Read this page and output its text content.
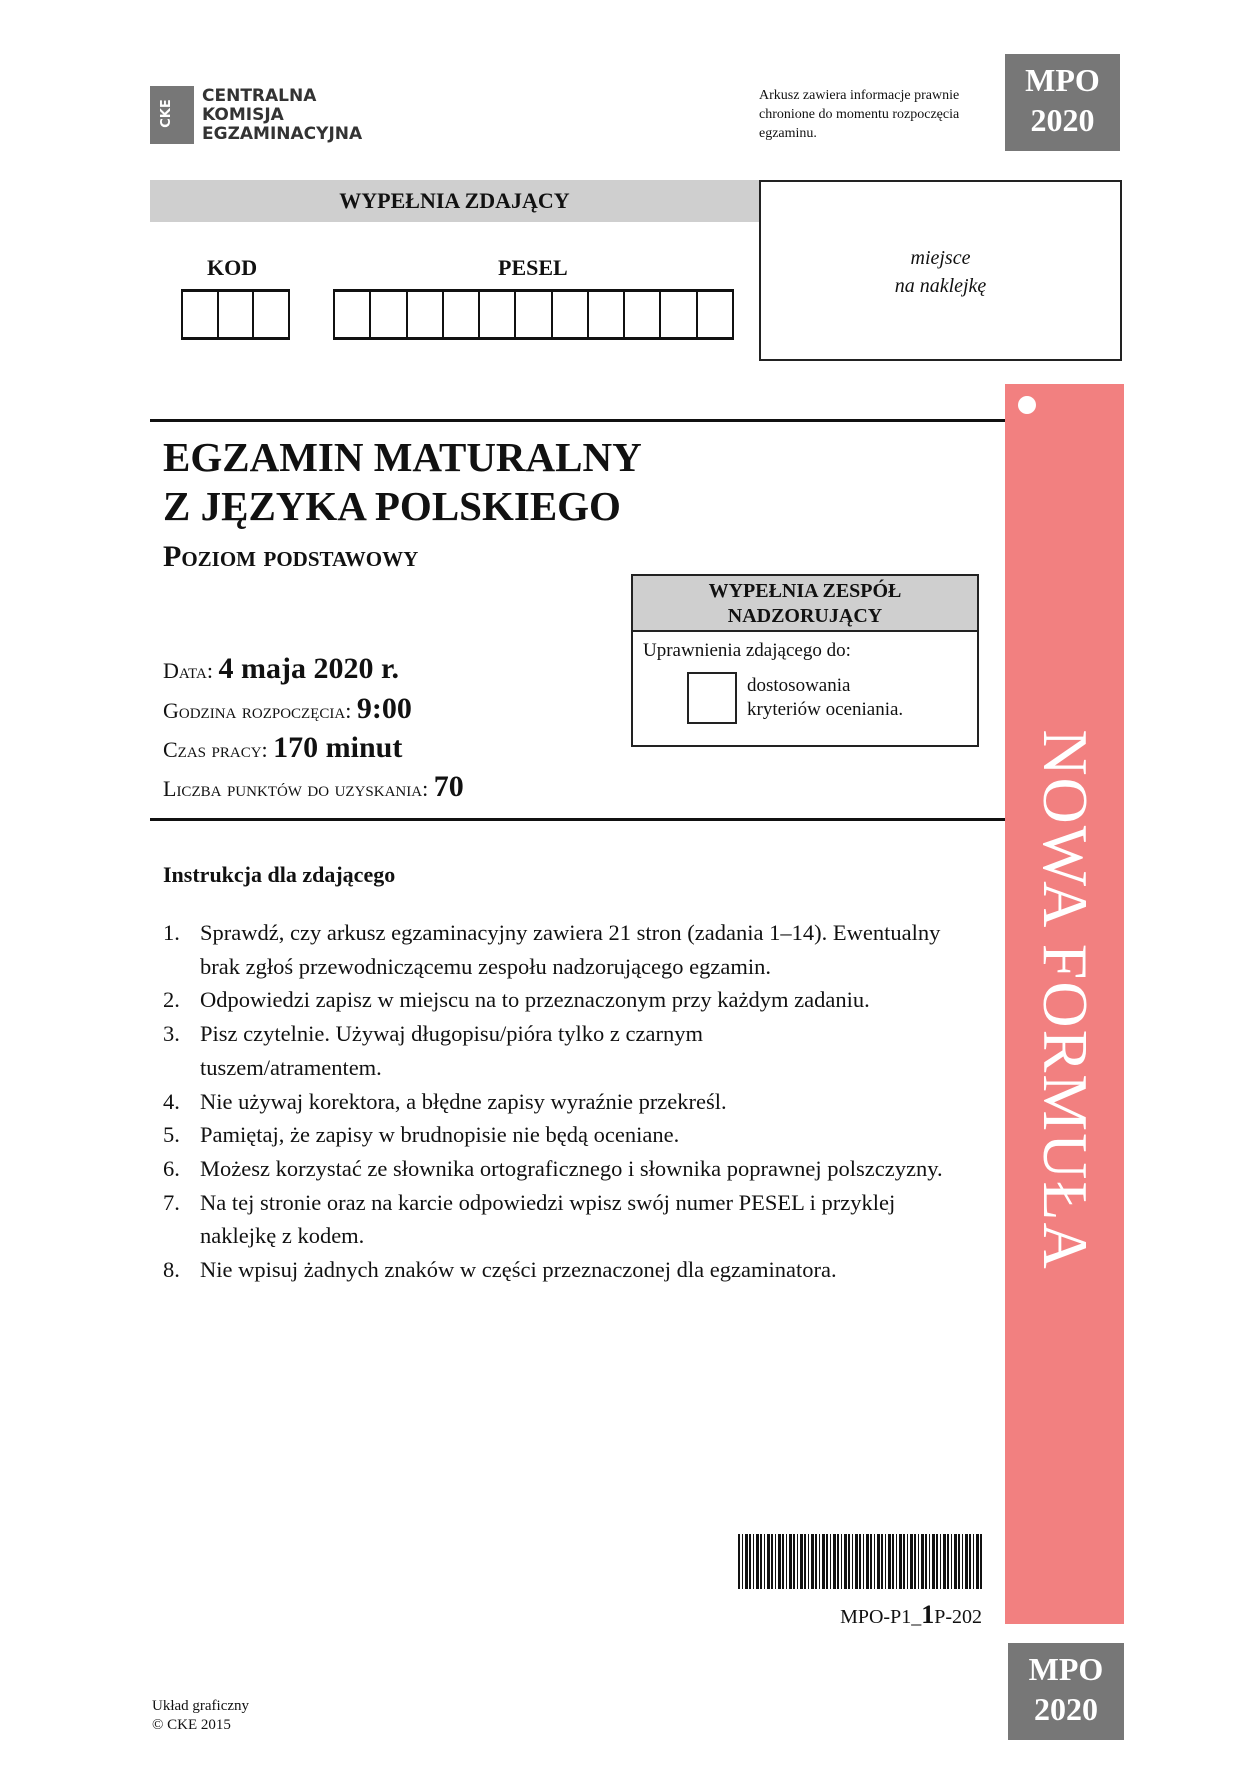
CKE
CENTRALNA
KOMISJA
EGZAMINACYJNA
Arkusz zawiera informacje prawnie chronione do momentu rozpoczęcia egzaminu.
MPO
2020
WYPEŁNIA ZDAJĄCY
KOD	PESEL	miejsce
na naklejkę
NOWA FORMUŁA
EGZAMIN MATURALNY
Z JĘZYKA POLSKIEGO
Poziom podstawowy
Data: 4 maja 2020 r.
Godzina rozpoczęcia: 9:00
Czas pracy: 170 minut
Liczba punktów do uzyskania: 70
WYPEŁNIA ZESPÓŁ NADZORUJĄCY
Uprawnienia zdającego do:
dostosowania
kryteriów oceniania.
Instrukcja dla zdającego
1. Sprawdź, czy arkusz egzaminacyjny zawiera 21 stron (zadania 1–14). Ewentualny brak zgłoś przewodniczącemu zespołu nadzorującego egzamin.
2. Odpowiedzi zapisz w miejscu na to przeznaczonym przy każdym zadaniu.
3. Pisz czytelnie. Używaj długopisu/pióra tylko z czarnym tuszem/atramentem.
4. Nie używaj korektora, a błędne zapisy wyraźnie przekreśl.
5. Pamiętaj, że zapisy w brudnopisie nie będą oceniane.
6. Możesz korzystać ze słownika ortograficznego i słownika poprawnej polszczyzny.
7. Na tej stronie oraz na karcie odpowiedzi wpisz swój numer PESEL i przyklej naklejkę z kodem.
8. Nie wpisuj żadnych znaków w części przeznaczonej dla egzaminatora.
MPO-P1_1P-202
MPO
2020
Układ graficzny
© CKE 2015
